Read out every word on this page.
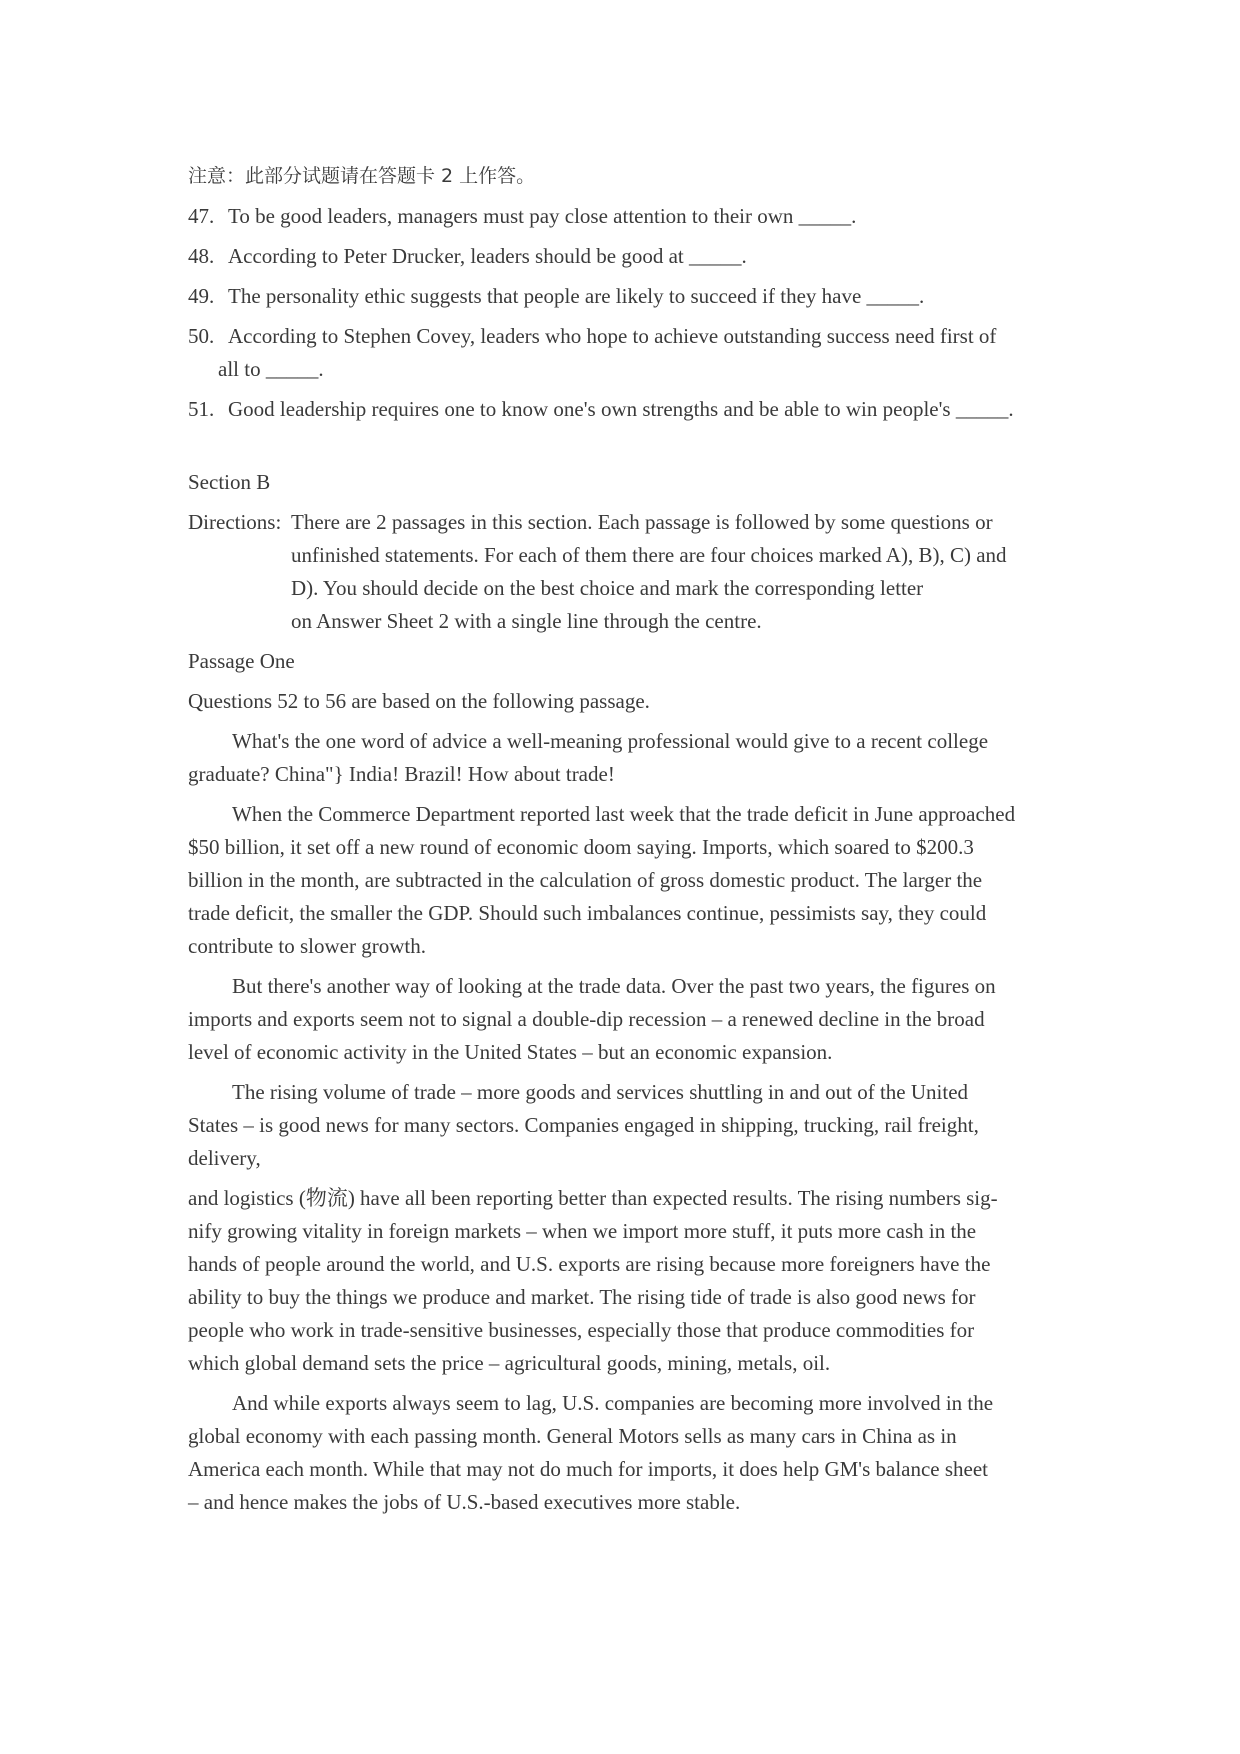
注意：此部分试题请在答题卡 2 上作答。

47. To be good leaders, managers must pay close attention to their own _____.
48. According to Peter Drucker, leaders should be good at _____.
49. The personality ethic suggests that people are likely to succeed if they have _____.
50. According to Stephen Covey, leaders who hope to achieve outstanding success need first of
all to _____.
51. Good leadership requires one to know one's own strengths and be able to win people's _____.

Section B

Directions: There are 2 passages in this section. Each passage is followed by some questions or
unfinished statements. For each of them there are four choices marked A), B), C) and
D). You should decide on the best choice and mark the corresponding letter
on Answer Sheet 2 with a single line through the centre.

Passage One

Questions 52 to 56 are based on the following passage.

What's the one word of advice a well-meaning professional would give to a recent college
graduate? China"} India! Brazil! How about trade!
When the Commerce Department reported last week that the trade deficit in June approached
$50 billion, it set off a new round of economic doom saying. Imports, which soared to $200.3
billion in the month, are subtracted in the calculation of gross domestic product. The larger the
trade deficit, the smaller the GDP. Should such imbalances continue, pessimists say, they could
contribute to slower growth.
But there's another way of looking at the trade data. Over the past two years, the figures on
imports and exports seem not to signal a double-dip recession – a renewed decline in the broad
level of economic activity in the United States – but an economic expansion.
The rising volume of trade – more goods and services shuttling in and out of the United
States – is good news for many sectors. Companies engaged in shipping, trucking, rail freight,
delivery,
and logistics (物流) have all been reporting better than expected results. The rising numbers sig-
nify growing vitality in foreign markets – when we import more stuff, it puts more cash in the
hands of people around the world, and U.S. exports are rising because more foreigners have the
ability to buy the things we produce and market. The rising tide of trade is also good news for
people who work in trade-sensitive businesses, especially those that produce commodities for
which global demand sets the price – agricultural goods, mining, metals, oil.
And while exports always seem to lag, U.S. companies are becoming more involved in the
global economy with each passing month. General Motors sells as many cars in China as in
America each month. While that may not do much for imports, it does help GM's balance sheet
– and hence makes the jobs of U.S.-based executives more stable.
